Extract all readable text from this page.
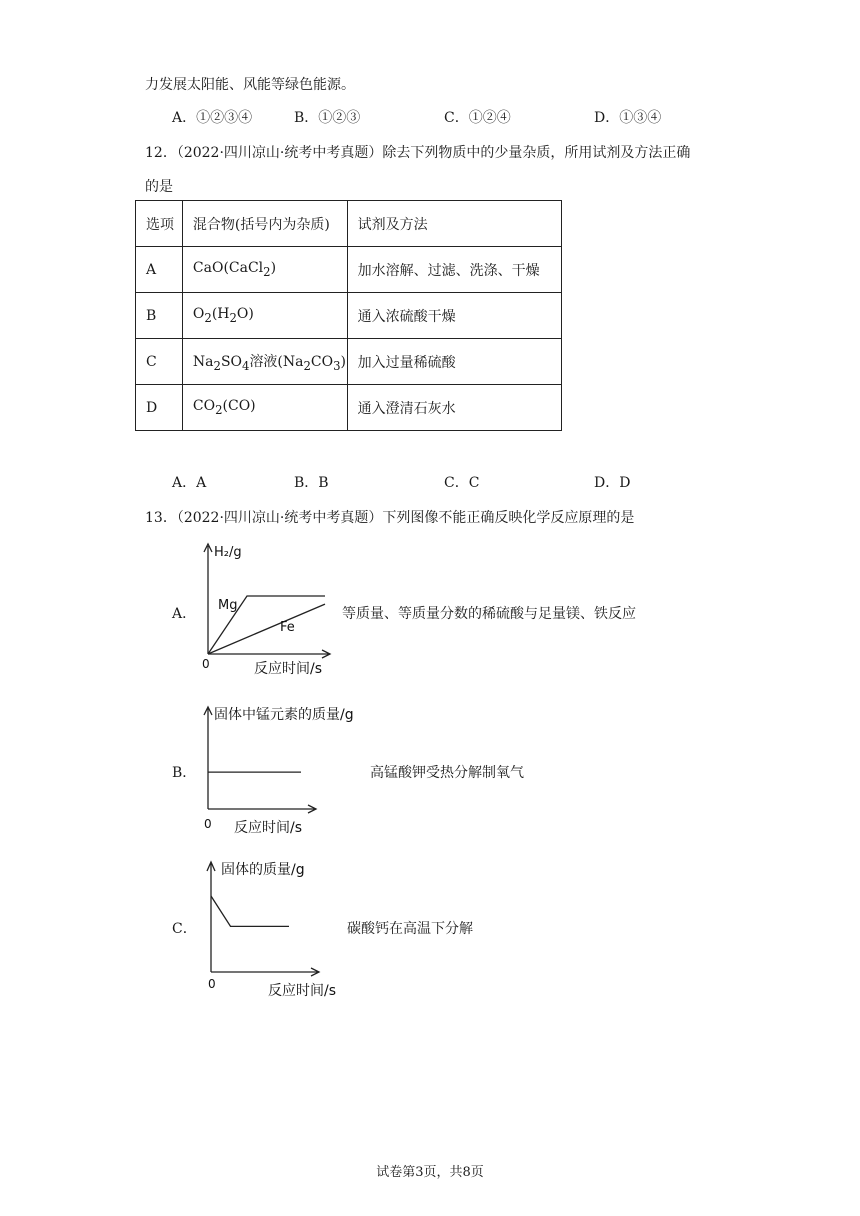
力发展太阳能、风能等绿色能源。
A．①②③④	B．①②③	C．①②④	D．①③④
12．（2022·四川凉山·统考中考真题）除去下列物质中的少量杂质，所用试剂及方法正确
的是
选项	混合物(括号内为杂质)	试剂及方法
A	CaO(CaCl$_2$)	加水溶解、过滤、洗涤、干燥
B	$O_2(H_2O)$	通入浓硫酸干燥
C	$Na_2SO_4$溶液$(Na_2CO_3)$	加入过量稀硫酸
D	$CO_2(CO)$	通入澄清石灰水
A．A	B．B	C．C	D．D
13．（2022·四川凉山·统考中考真题）下列图像不能正确反映化学反应原理的是
A．
H₂/g
0	反应时间/s
Mg
Fe
等质量、等质量分数的稀硫酸与足量镁、铁反应
B．
固体中锰元素的质量/g
0 反应时间/s
高锰酸钾受热分解制氧气
C．
固体的质量/g
0	反应时间/s
碳酸钙在高温下分解
试卷第3页，共8页
